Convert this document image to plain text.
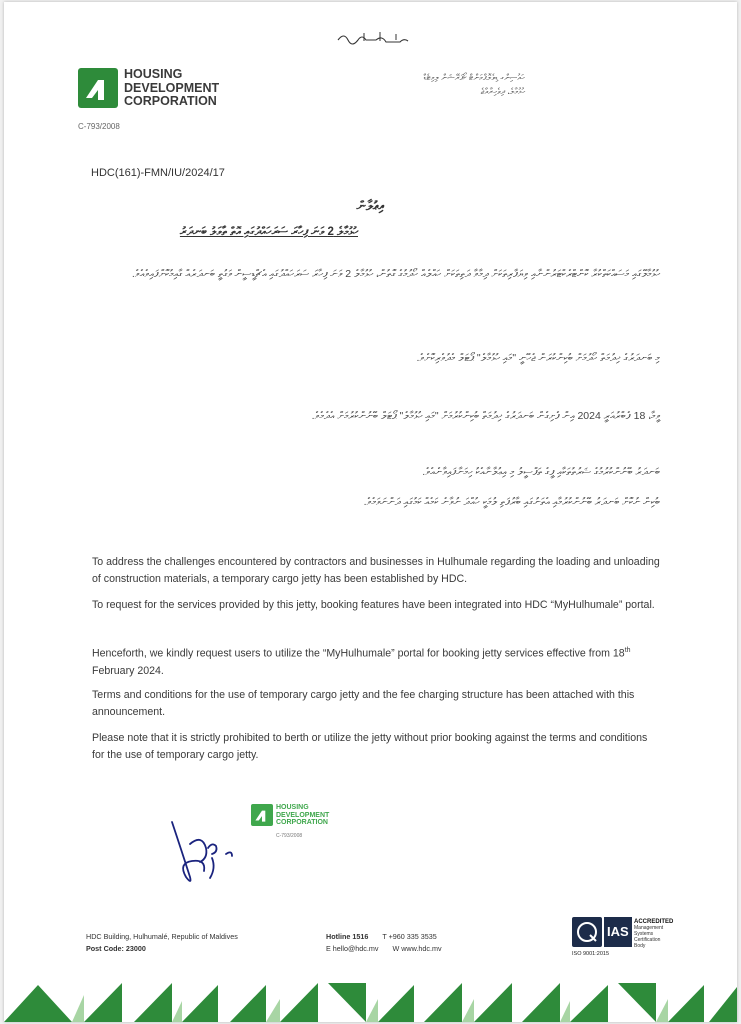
HOUSING
DEVELOPMENT
CORPORATION
C-793/2008
ހައުސިންގ ޑިވެލޮޕްމަންޓް ކޯޕަރޭޝަން ލިމިޓެޑް
ހުޅުމާލެ، ދިވެހިރާއްޖެ
HDC(161)-FMN/IU/2024/17
އިޢުލާން
ހުޅުމާލެ 2 ވަނަ ފިހާރަ ސަރަހައްދުގައި އޮތް ތާވަލު ބަނދަރު
ހުޅުމާލޭގައި މަސައްކަތްކުރާ ކޮންޓްރެކްޓަރުންނާއި ވިޔަފާރިތަކަށް ދިމާވާ ދަތިތަކަށް ހައްލެއް ހޯދުމުގެ ގޮތުން، ހުޅުމާލެ 2 ވަނަ ފިހާރަ ސަރަހައްދުގައި އެޗްޑީސީން ވަގުތީ ބަނދަރެއް ގާއިމުކޮށްފައިވެއެވެ.
މި ބަނދަރުގެ ޚިދުމަތް ހޯދުމަށް ބުކިންކުރަން ޖެހޭނީ "މައި ހުޅުމާލެ" ޕޯޓަލް މެދުވެރިކޮށެވެ.
ވީމާ، 18 ފެބްރުއަރީ 2024 އިން ފެށިގެން ބަނދަރުގެ ޚިދުމަތް ބުކިންކުރުމަށް "މައި ހުޅުމާލެ" ޕޯޓަލް ބޭނުންކުރުމަށް އެދެމެވެ.
ބަނދަރު ބޭނުންކުރުމުގެ ޝަރުތުތަކާއި ފީގެ ތަފްސީލު މި އިޢުލާނާއެކު ހިމަނާފައިވާނެއެވެ.
ބުކިން ނުކޮށް ބަނދަރު ބޭނުންކުރުމާއި އެތަނުގައި ބާރުފަތި ލުމަކީ ހުއްދަ ނުވާނެ ކަމެއް ކަމުގައި ދަންނަވަމެވެ.

To address the challenges encountered by contractors and businesses in Hulhumale regarding the loading and unloading of construction materials, a temporary cargo jetty has been established by HDC.

To request for the services provided by this jetty, booking features have been integrated into HDC “MyHulhumale” portal.

Henceforth, we kindly request users to utilize the “MyHulhumale” portal for booking jetty services effective from 18th February 2024.

Terms and conditions for the use of temporary cargo jetty and the fee charging structure has been attached with this announcement.

Please note that it is strictly prohibited to berth or utilize the jetty without prior booking against the terms and conditions for the use of temporary cargo jetty.

HOUSING
DEVELOPMENT
CORPORATION
C-793/2008
HDC Building, Hulhumalé, Republic of Maldives
Post Code: 23000
Hotline 1516 T +960 335 3535
E hello@hdc.mv W www.hdc.mv
IAS
ACCREDITED
Management Systems Certification Body
ISO 9001:2015
